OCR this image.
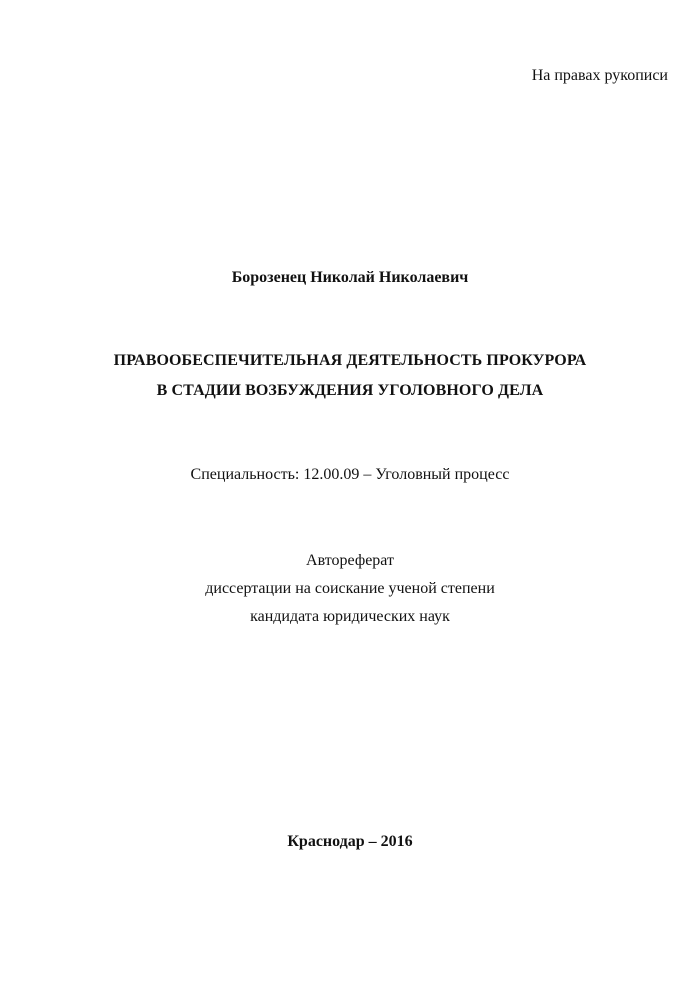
На правах рукописи
Борозенец Николай Николаевич
ПРАВООБЕСПЕЧИТЕЛЬНАЯ ДЕЯТЕЛЬНОСТЬ ПРОКУРОРА
В СТАДИИ ВОЗБУЖДЕНИЯ УГОЛОВНОГО ДЕЛА
Специальность: 12.00.09 – Уголовный процесс
Автореферат
диссертации на соискание ученой степени
кандидата юридических наук
Краснодар – 2016
